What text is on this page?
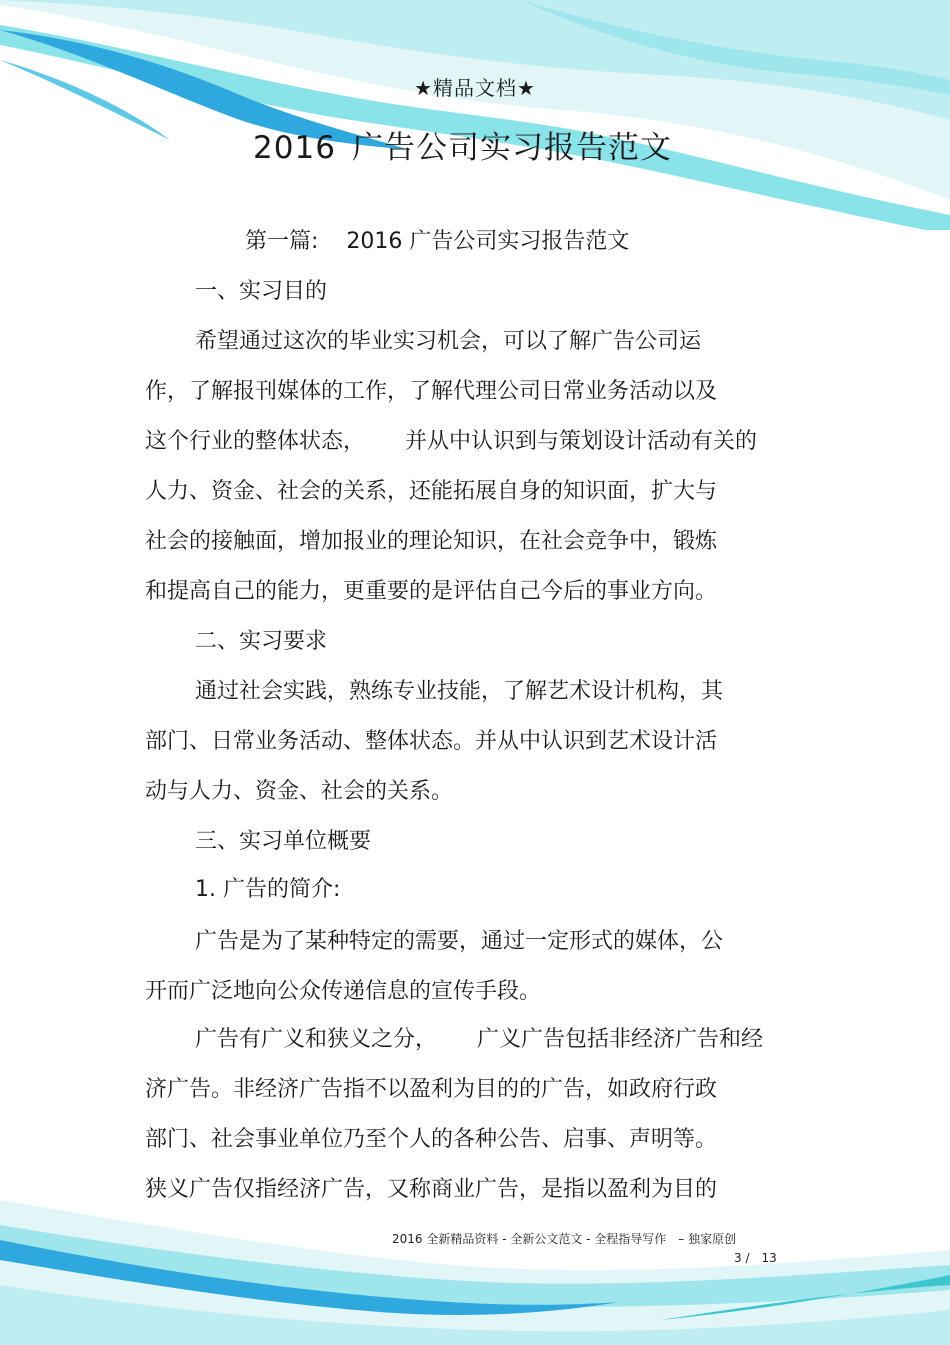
★精品文档★
2016 广告公司实习报告范文
第一篇: 2016 广告公司实习报告范文
一、实习目的
希望通过这次的毕业实习机会，可以了解广告公司运
作，了解报刊媒体的工作，了解代理公司日常业务活动以及
这个行业的整体状态， 并从中认识到与策划设计活动有关的
人力、资金、社会的关系，还能拓展自身的知识面，扩大与
社会的接触面，增加报业的理论知识，在社会竞争中，锻炼
和提高自己的能力，更重要的是评估自己今后的事业方向。
二、实习要求
通过社会实践，熟练专业技能，了解艺术设计机构，其
部门、日常业务活动、整体状态。并从中认识到艺术设计活
动与人力、资金、社会的关系。
三、实习单位概要
1. 广告的简介:
广告是为了某种特定的需要，通过一定形式的媒体，公
开而广泛地向公众传递信息的宣传手段。
广告有广义和狭义之分， 广义广告包括非经济广告和经
济广告。非经济广告指不以盈利为目的的广告，如政府行政
部门、社会事业单位乃至个人的各种公告、启事、声明等。
狭义广告仅指经济广告，又称商业广告，是指以盈利为目的
2016 全新精品资料 - 全新公文范文 - 全程指导写作　– 独家原创
3 /　13
